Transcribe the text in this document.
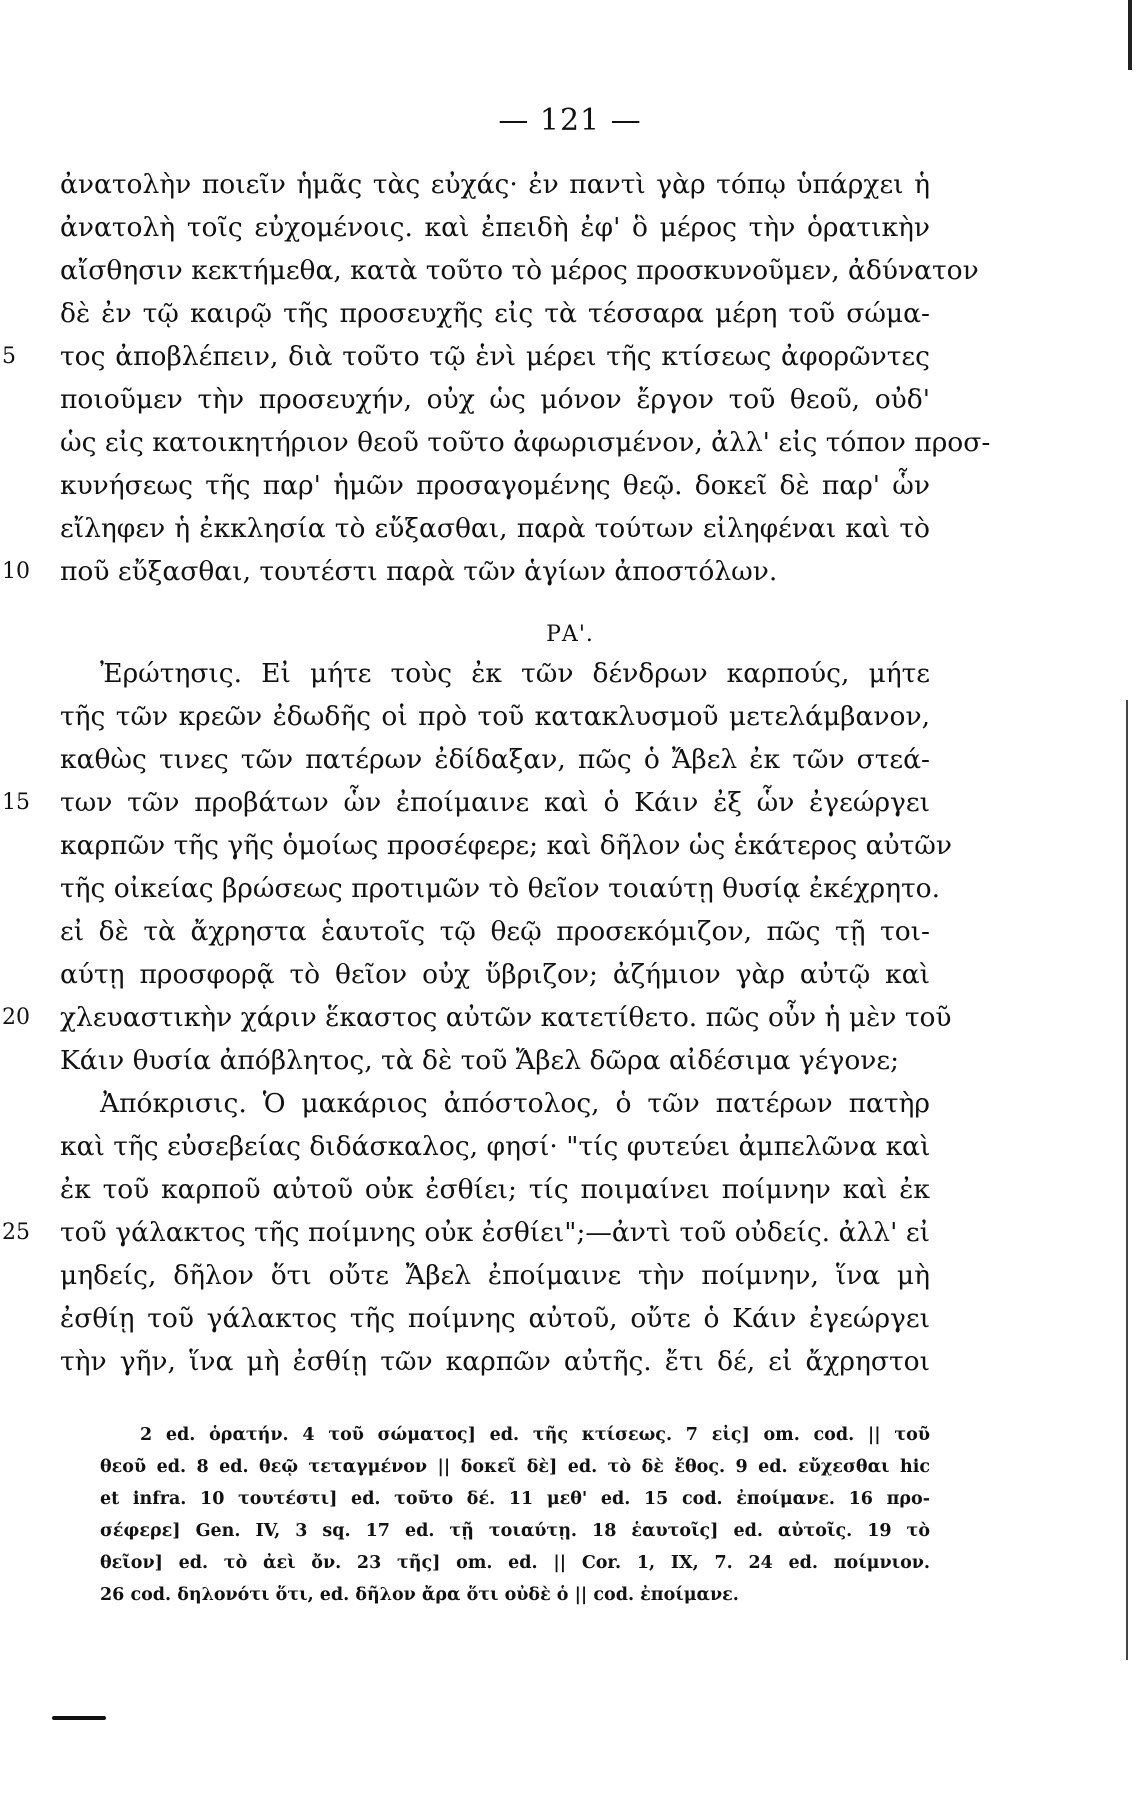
— 121 —
ἀνατολὴν ποιεῖν ἡμᾶς τὰς εὐχάς· ἐν παντὶ γὰρ τόπῳ ὑπάρχει ἡ
ἀνατολὴ τοῖς εὐχομένοις. καὶ ἐπειδὴ ἐφ' ὃ μέρος τὴν ὁρατικὴν
αἴσθησιν κεκτήμεθα, κατὰ τοῦτο τὸ μέρος προσκυνοῦμεν, ἀδύνατον
δὲ ἐν τῷ καιρῷ τῆς προσευχῆς εἰς τὰ τέσσαρα μέρη τοῦ σώμα-
τος ἀποβλέπειν, διὰ τοῦτο τῷ ἑνὶ μέρει τῆς κτίσεως ἀφορῶντες
ποιοῦμεν τὴν προσευχήν, οὐχ ὡς μόνον ἔργον τοῦ θεοῦ, οὐδ'
ὡς εἰς κατοικητήριον θεοῦ τοῦτο ἀφωρισμένον, ἀλλ' εἰς τόπον προσ-
κυνήσεως τῆς παρ' ἡμῶν προσαγομένης θεῷ. δοκεῖ δὲ παρ' ὧν
εἴληφεν ἡ ἐκκλησία τὸ εὔξασθαι, παρὰ τούτων εἰληφέναι καὶ τὸ
ποῦ εὔξασθαι, τουτέστι παρὰ τῶν ἁγίων ἀποστόλων.
ΡΑ'.
Ἐρώτησις. Εἰ μήτε τοὺς ἐκ τῶν δένδρων καρπούς, μήτε
τῆς τῶν κρεῶν ἐδωδῆς οἱ πρὸ τοῦ κατακλυσμοῦ μετελάμβανον,
καθὼς τινες τῶν πατέρων ἐδίδαξαν, πῶς ὁ Ἄβελ ἐκ τῶν στεά-
των τῶν προβάτων ὧν ἐποίμαινε καὶ ὁ Κάιν ἐξ ὧν ἐγεώργει
καρπῶν τῆς γῆς ὁμοίως προσέφερε; καὶ δῆλον ὡς ἑκάτερος αὐτῶν
τῆς οἰκείας βρώσεως προτιμῶν τὸ θεῖον τοιαύτῃ θυσίᾳ ἐκέχρητο.
εἰ δὲ τὰ ἄχρηστα ἑαυτοῖς τῷ θεῷ προσεκόμιζον, πῶς τῇ τοι-
αύτῃ προσφορᾷ τὸ θεῖον οὐχ ὕβριζον; ἀζήμιον γὰρ αὐτῷ καὶ
χλευαστικὴν χάριν ἕκαστος αὐτῶν κατετίθετο. πῶς οὖν ἡ μὲν τοῦ
Κάιν θυσία ἀπόβλητος, τὰ δὲ τοῦ Ἄβελ δῶρα αἰδέσιμα γέγονε;
Ἀπόκρισις. Ὁ μακάριος ἀπόστολος, ὁ τῶν πατέρων πατὴρ
καὶ τῆς εὐσεβείας διδάσκαλος, φησί· "τίς φυτεύει ἀμπελῶνα καὶ
ἐκ τοῦ καρποῦ αὐτοῦ οὐκ ἐσθίει; τίς ποιμαίνει ποίμνην καὶ ἐκ
τοῦ γάλακτος τῆς ποίμνης οὐκ ἐσθίει";—ἀντὶ τοῦ οὐδείς. ἀλλ' εἰ
μηδείς, δῆλον ὅτι οὔτε Ἄβελ ἐποίμαινε τὴν ποίμνην, ἵνα μὴ
ἐσθίῃ τοῦ γάλακτος τῆς ποίμνης αὐτοῦ, οὔτε ὁ Κάιν ἐγεώργει
τὴν γῆν, ἵνα μὴ ἐσθίῃ τῶν καρπῶν αὐτῆς. ἔτι δέ, εἰ ἄχρηστοι
5
10
15
20
25
2 ed. ὁρατήν. 4 τοῦ σώματος] ed. τῆς κτίσεως. 7 εἰς] om. cod. || τοῦ
θεοῦ ed. 8 ed. θεῷ τεταγμένον || δοκεῖ δὲ] ed. τὸ δὲ ἔθος. 9 ed. εὔχεσθαι hic
et infra. 10 τουτέστι] ed. τοῦτο δέ. 11 μεθ' ed. 15 cod. ἐποίμανε. 16 προ-
σέφερε] Gen. IV, 3 sq. 17 ed. τῇ τοιαύτῃ. 18 ἑαυτοῖς] ed. αὐτοῖς. 19 τὸ
θεῖον] ed. τὸ ἀεὶ ὄν. 23 τῆς] om. ed. || Cor. 1, IX, 7. 24 ed. ποίμνιον.
26 cod. δηλονότι ὅτι, ed. δῆλον ἄρα ὅτι οὐδὲ ὁ || cod. ἐποίμανε.
